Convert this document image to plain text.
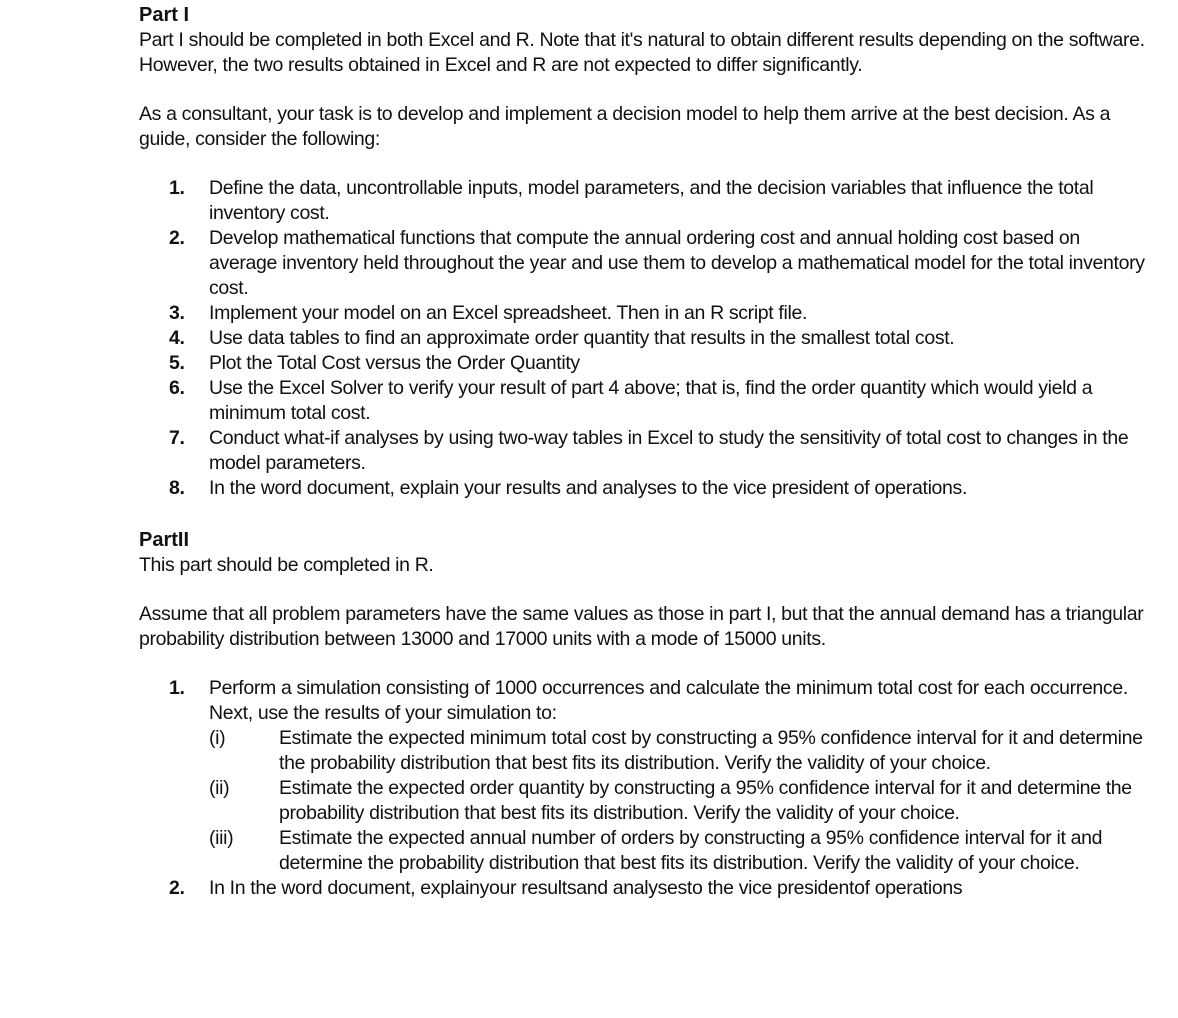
Part I

Part I should be completed in both Excel and R. Note that it's natural to obtain different results depending on the software. However, the two results obtained in Excel and R are not expected to differ significantly.

As a consultant, your task is to develop and implement a decision model to help them arrive at the best decision. As a guide, consider the following:

1. Define the data, uncontrollable inputs, model parameters, and the decision variables that influence the total inventory cost.
2. Develop mathematical functions that compute the annual ordering cost and annual holding cost based on average inventory held throughout the year and use them to develop a mathematical model for the total inventory cost.
3. Implement your model on an Excel spreadsheet. Then in an R script file.
4. Use data tables to find an approximate order quantity that results in the smallest total cost.
5. Plot the Total Cost versus the Order Quantity
6. Use the Excel Solver to verify your result of part 4 above; that is, find the order quantity which would yield a minimum total cost.
7. Conduct what-if analyses by using two-way tables in Excel to study the sensitivity of total cost to changes in the model parameters.
8. In the word document, explain your results and analyses to the vice president of operations.
PartII

This part should be completed in R.

Assume that all problem parameters have the same values as those in part I, but that the annual demand has a triangular probability distribution between 13000 and 17000 units with a mode of 15000 units.

1. Perform a simulation consisting of 1000 occurrences and calculate the minimum total cost for each occurrence. Next, use the results of your simulation to:
(i)	Estimate the expected minimum total cost by constructing a 95% confidence interval for it and determine the probability distribution that best fits its distribution. Verify the validity of your choice.
(ii)	Estimate the expected order quantity by constructing a 95% confidence interval for it and determine the probability distribution that best fits its distribution. Verify the validity of your choice.
(iii) Estimate the expected annual number of orders by constructing a 95% confidence interval for it and determine the probability distribution that best fits its distribution. Verify the validity of your choice.
2. In In the word document, explainyour resultsand analysesto the vice presidentof operations
